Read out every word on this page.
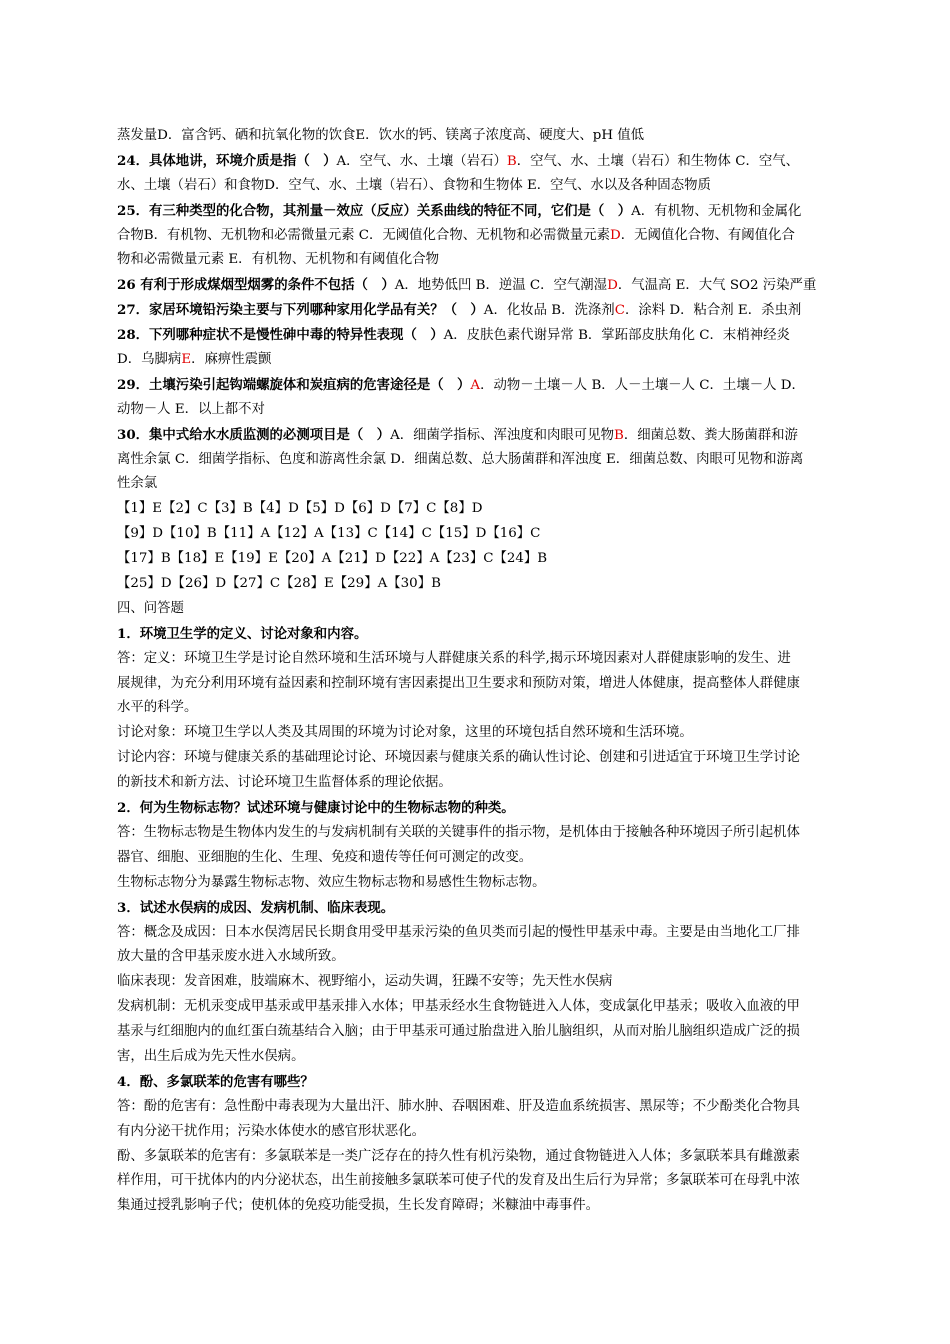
蒸发量D．富含钙、硒和抗氧化物的饮食E．饮水的钙、镁离子浓度高、硬度大、pH 值低
24．具体地讲，环境介质是指（　）A．空气、水、土壤（岩石）B．空气、水、土壤（岩石）和生物体 C．空气、
水、土壤（岩石）和食物D．空气、水、土壤（岩石）、食物和生物体 E．空气、水以及各种固态物质
25．有三种类型的化合物，其剂量－效应（反应）关系曲线的特征不同，它们是（　）A．有机物、无机物和金属化
合物B．有机物、无机物和必需微量元素 C．无阈值化合物、无机物和必需微量元素D．无阈值化合物、有阈值化合
物和必需微量元素 E．有机物、无机物和有阈值化合物
26 有利于形成煤烟型烟雾的条件不包括（　）A．地势低凹 B．逆温 C．空气潮湿D．气温高 E．大气 SO2 污染严重
27．家居环境铅污染主要与下列哪种家用化学品有关？（　）A．化妆品 B．洗涤剂C．涂料 D．粘合剂 E．杀虫剂
28．下列哪种症状不是慢性砷中毒的特异性表现（　）A．皮肤色素代谢异常 B．掌跖部皮肤角化 C．末梢神经炎
D．乌脚病E．麻痹性震颤
29．土壤污染引起钩端螺旋体和炭疽病的危害途径是（　）A．动物－土壤－人 B．人－土壤－人 C．土壤－人 D．
动物－人 E．以上都不对
30．集中式给水水质监测的必测项目是（　）A．细菌学指标、浑浊度和肉眼可见物B．细菌总数、粪大肠菌群和游
离性余氯 C．细菌学指标、色度和游离性余氯 D．细菌总数、总大肠菌群和浑浊度 E．细菌总数、肉眼可见物和游离
性余氯
【1】E【2】C【3】B【4】D【5】D【6】D【7】C【8】D
【9】D【10】B【11】A【12】A【13】C【14】C【15】D【16】C
【17】B【18】E【19】E【20】A【21】D【22】A【23】C【24】B
【25】D【26】D【27】C【28】E【29】A【30】B
四、问答题
1．环境卫生学的定义、讨论对象和内容。
答：定义：环境卫生学是讨论自然环境和生活环境与人群健康关系的科学,揭示环境因素对人群健康影响的发生、进
展规律，为充分利用环境有益因素和控制环境有害因素提出卫生要求和预防对策，增进人体健康，提高整体人群健康
水平的科学。
讨论对象：环境卫生学以人类及其周围的环境为讨论对象，这里的环境包括自然环境和生活环境。
讨论内容：环境与健康关系的基础理论讨论、环境因素与健康关系的确认性讨论、创建和引进适宜于环境卫生学讨论
的新技术和新方法、讨论环境卫生监督体系的理论依据。
2．何为生物标志物？试述环境与健康讨论中的生物标志物的种类。
答：生物标志物是生物体内发生的与发病机制有关联的关键事件的指示物，是机体由于接触各种环境因子所引起机体
器官、细胞、亚细胞的生化、生理、免疫和遗传等任何可测定的改变。
生物标志物分为暴露生物标志物、效应生物标志物和易感性生物标志物。
3．试述水俣病的成因、发病机制、临床表现。
答：概念及成因：日本水俣湾居民长期食用受甲基汞污染的鱼贝类而引起的慢性甲基汞中毒。主要是由当地化工厂排
放大量的含甲基汞废水进入水域所致。
临床表现：发音困难，肢端麻木、视野缩小，运动失调，狂躁不安等；先天性水俣病
发病机制：无机汞变成甲基汞或甲基汞排入水体；甲基汞经水生食物链进入人体，变成氯化甲基汞；吸收入血液的甲
基汞与红细胞内的血红蛋白巯基结合入脑；由于甲基汞可通过胎盘进入胎儿脑组织，从而对胎儿脑组织造成广泛的损
害，出生后成为先天性水俣病。
4．酚、多氯联苯的危害有哪些？
答：酚的危害有：急性酚中毒表现为大量出汗、肺水肿、吞咽困难、肝及造血系统损害、黑尿等；不少酚类化合物具
有内分泌干扰作用；污染水体使水的感官形状恶化。
酚、多氯联苯的危害有：多氯联苯是一类广泛存在的持久性有机污染物，通过食物链进入人体；多氯联苯具有雌激素
样作用，可干扰体内的内分泌状态，出生前接触多氯联苯可使子代的发育及出生后行为异常；多氯联苯可在母乳中浓
集通过授乳影响子代；使机体的免疫功能受损，生长发育障碍；米糠油中毒事件。
